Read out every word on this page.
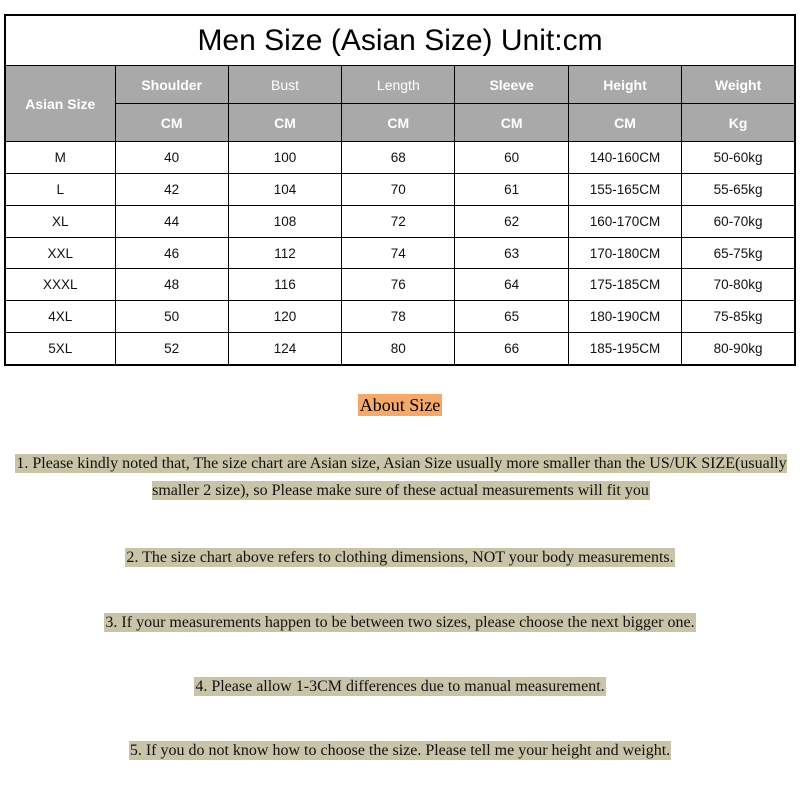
Men Size (Asian Size) Unit:cm						
Asian Size	Shoulder	Bust	Length	Sleeve	Height	Weight
	CM	CM	CM	CM	CM	Kg
M	40	100	68	60	140-160CM	50-60kg
L	42	104	70	61	155-165CM	55-65kg
XL	44	108	72	62	160-170CM	60-70kg
XXL	46	112	74	63	170-180CM	65-75kg
XXXL	48	116	76	64	175-185CM	70-80kg
4XL	50	120	78	65	180-190CM	75-85kg
5XL	52	124	80	66	185-195CM	80-90kg
About Size
1. Please kindly noted that, The size chart are Asian size, Asian Size usually more smaller than the US/UK SIZE(usually smaller 2 size), so Please make sure of these actual measurements will fit you
2. The size chart above refers to clothing dimensions, NOT your body measurements.
3. If your measurements happen to be between two sizes, please choose the next bigger one.
4. Please allow 1-3CM differences due to manual measurement.
5. If you do not know how to choose the size. Please tell me your height and weight.
